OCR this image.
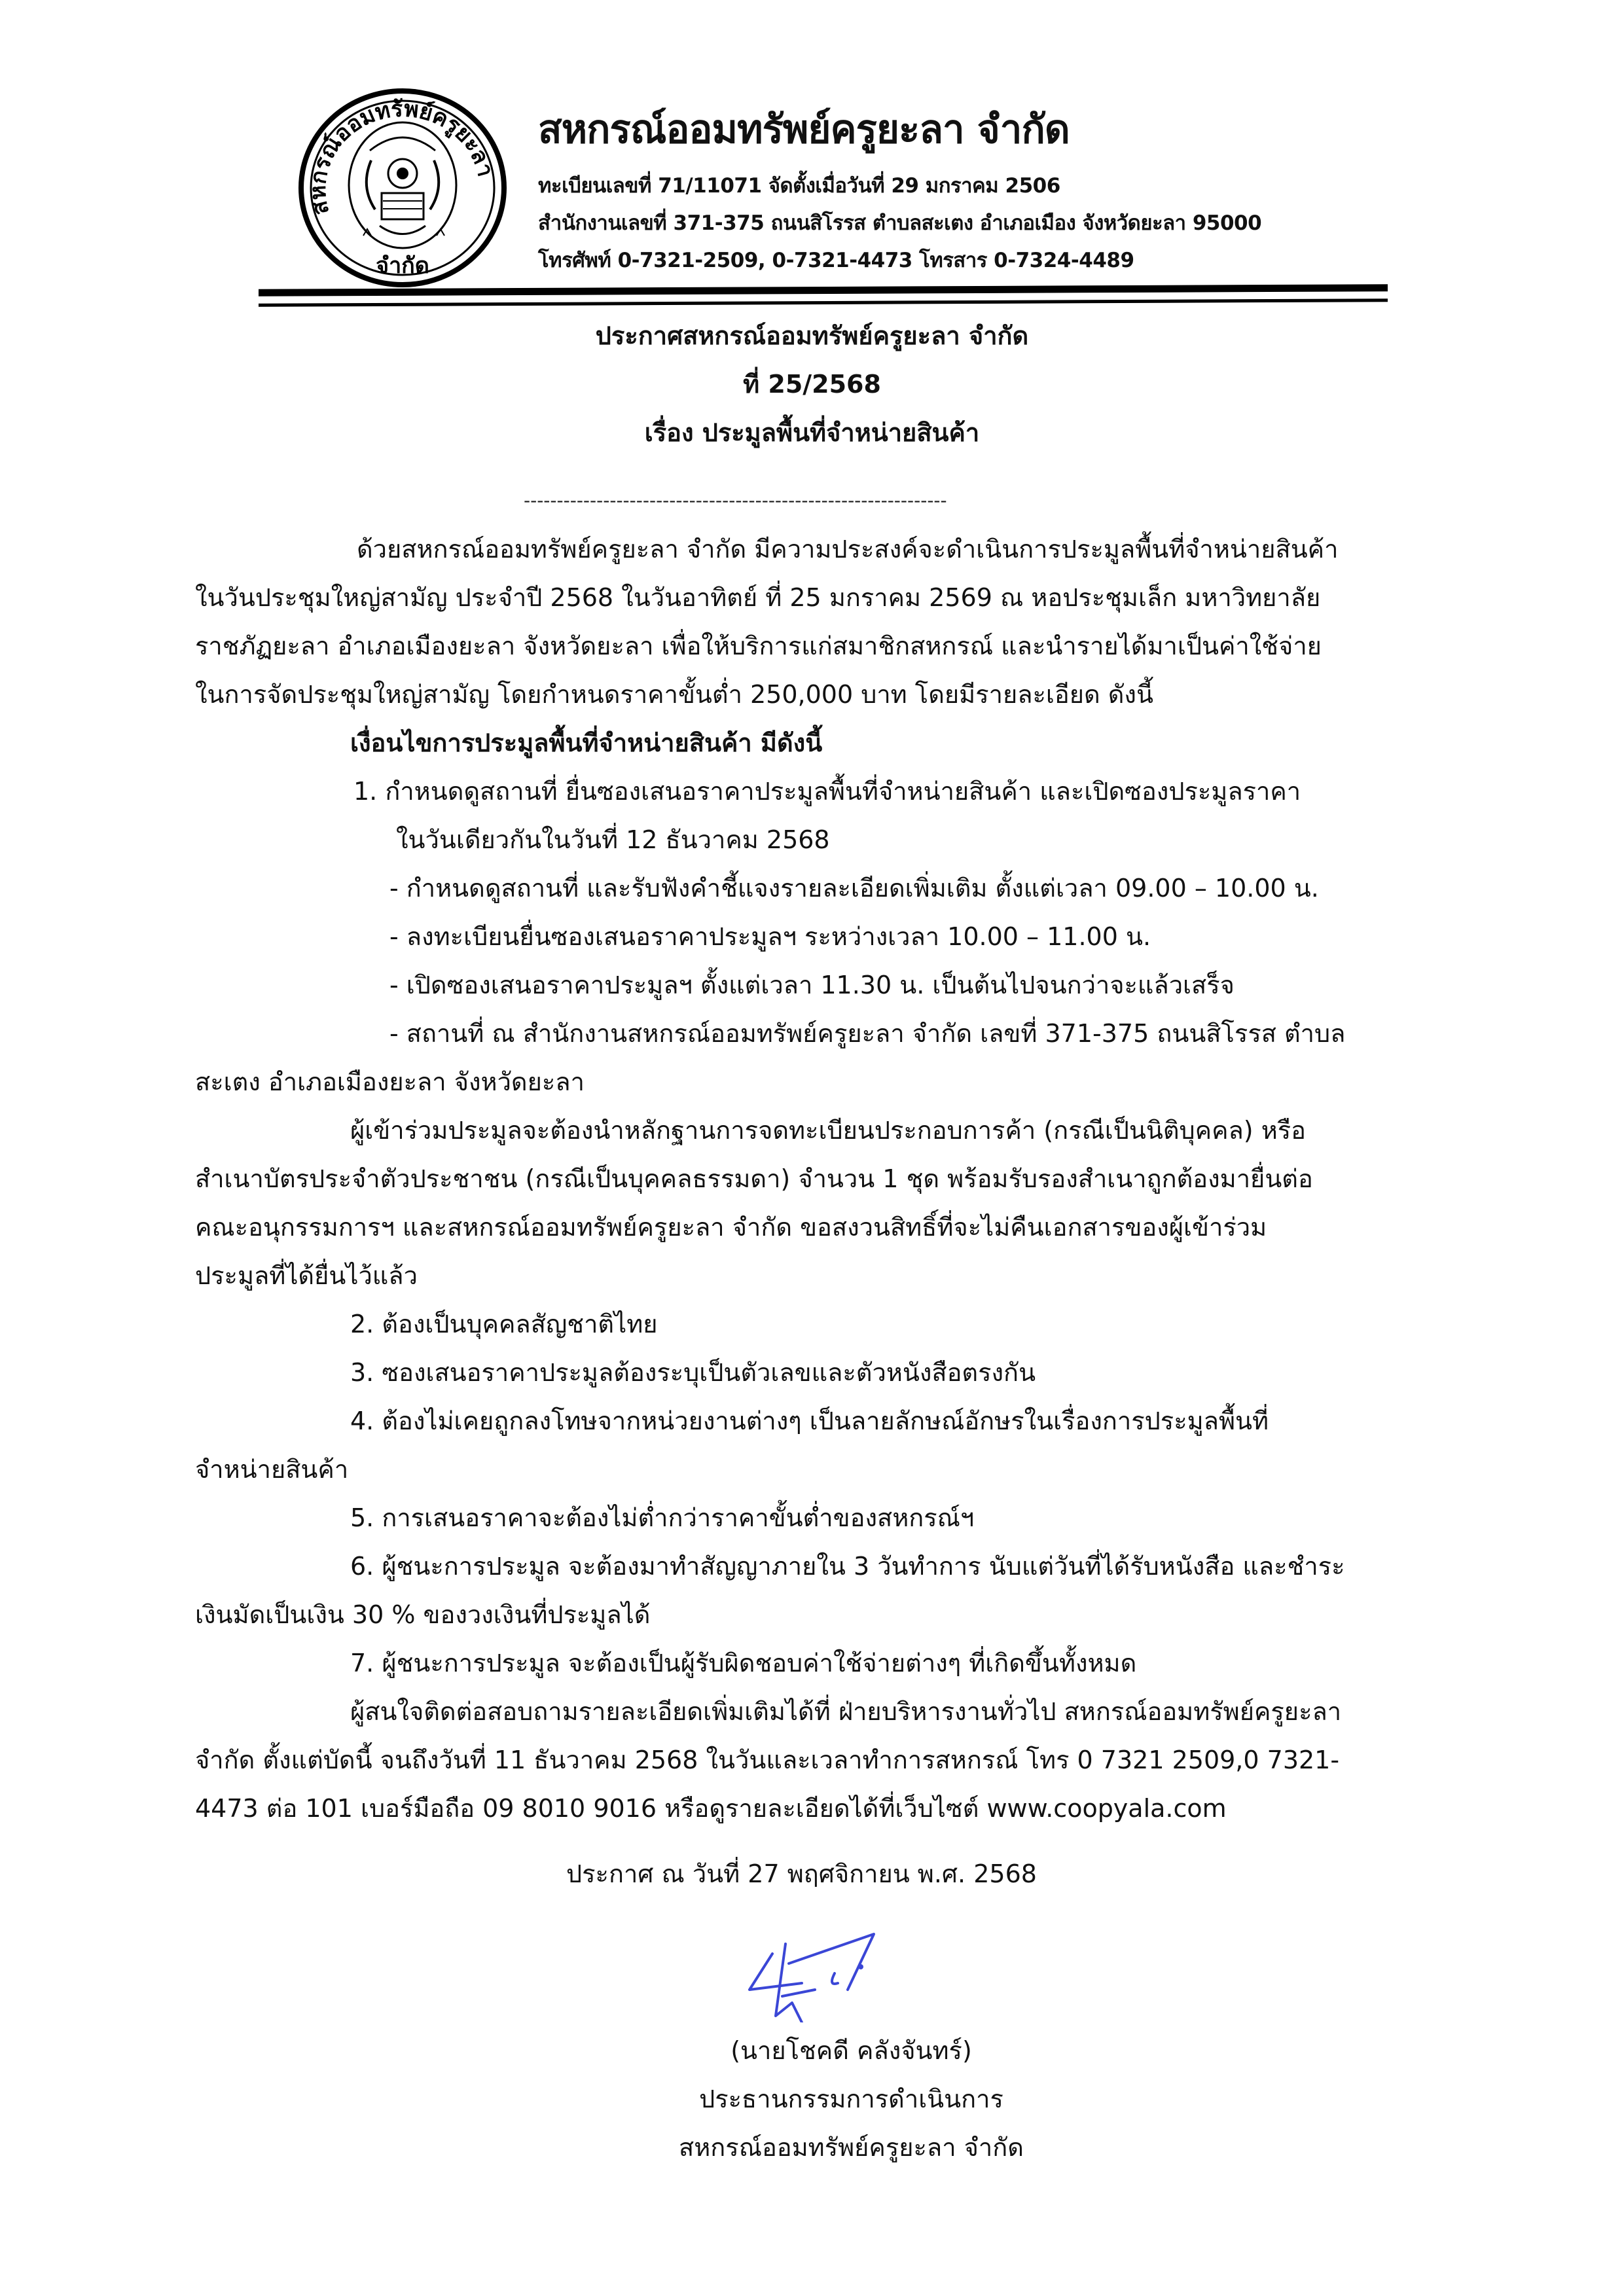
สหกรณ์ออมทรัพย์ครูยะลา
จำกัด
สหกรณ์ออมทรัพย์ครูยะลา จำกัด
ทะเบียนเลขที่ 71/11071 จัดตั้งเมื่อวันที่ 29 มกราคม 2506
สำนักงานเลขที่ 371-375 ถนนสิโรรส ตำบลสะเตง อำเภอเมือง จังหวัดยะลา 95000
โทรศัพท์ 0-7321-2509, 0-7321-4473 โทรสาร 0-7324-4489
ประกาศสหกรณ์ออมทรัพย์ครูยะลา จำกัด
ที่ 25/2568
เรื่อง ประมูลพื้นที่จำหน่ายสินค้า
----------------------------------------------------------------
ด้วยสหกรณ์ออมทรัพย์ครูยะลา จำกัด มีความประสงค์จะดำเนินการประมูลพื้นที่จำหน่ายสินค้า
ในวันประชุมใหญ่สามัญ ประจำปี 2568 ในวันอาทิตย์ ที่ 25 มกราคม 2569 ณ หอประชุมเล็ก มหาวิทยาลัย
ราชภัฏยะลา อำเภอเมืองยะลา จังหวัดยะลา เพื่อให้บริการแก่สมาชิกสหกรณ์ และนำรายได้มาเป็นค่าใช้จ่าย
ในการจัดประชุมใหญ่สามัญ โดยกำหนดราคาขั้นต่ำ 250,000 บาท โดยมีรายละเอียด ดังนี้
เงื่อนไขการประมูลพื้นที่จำหน่ายสินค้า มีดังนี้
1. กำหนดดูสถานที่ ยื่นซองเสนอราคาประมูลพื้นที่จำหน่ายสินค้า และเปิดซองประมูลราคา
ในวันเดียวกันในวันที่ 12 ธันวาคม 2568
- กำหนดดูสถานที่ และรับฟังคำชี้แจงรายละเอียดเพิ่มเติม ตั้งแต่เวลา 09.00 – 10.00 น.
- ลงทะเบียนยื่นซองเสนอราคาประมูลฯ ระหว่างเวลา 10.00 – 11.00 น.
- เปิดซองเสนอราคาประมูลฯ ตั้งแต่เวลา 11.30 น. เป็นต้นไปจนกว่าจะแล้วเสร็จ
- สถานที่ ณ สำนักงานสหกรณ์ออมทรัพย์ครูยะลา จำกัด เลขที่ 371-375 ถนนสิโรรส ตำบล
สะเตง อำเภอเมืองยะลา จังหวัดยะลา
ผู้เข้าร่วมประมูลจะต้องนำหลักฐานการจดทะเบียนประกอบการค้า (กรณีเป็นนิติบุคคล) หรือ
สำเนาบัตรประจำตัวประชาชน (กรณีเป็นบุคคลธรรมดา) จำนวน 1 ชุด พร้อมรับรองสำเนาถูกต้องมายื่นต่อ
คณะอนุกรรมการฯ และสหกรณ์ออมทรัพย์ครูยะลา จำกัด ขอสงวนสิทธิ์ที่จะไม่คืนเอกสารของผู้เข้าร่วม
ประมูลที่ได้ยื่นไว้แล้ว
2. ต้องเป็นบุคคลสัญชาติไทย
3. ซองเสนอราคาประมูลต้องระบุเป็นตัวเลขและตัวหนังสือตรงกัน
4. ต้องไม่เคยถูกลงโทษจากหน่วยงานต่างๆ เป็นลายลักษณ์อักษรในเรื่องการประมูลพื้นที่
จำหน่ายสินค้า
5. การเสนอราคาจะต้องไม่ต่ำกว่าราคาขั้นต่ำของสหกรณ์ฯ
6. ผู้ชนะการประมูล จะต้องมาทำสัญญาภายใน 3 วันทำการ นับแต่วันที่ได้รับหนังสือ และชำระ
เงินมัดเป็นเงิน 30 % ของวงเงินที่ประมูลได้
7. ผู้ชนะการประมูล จะต้องเป็นผู้รับผิดชอบค่าใช้จ่ายต่างๆ ที่เกิดขึ้นทั้งหมด
ผู้สนใจติดต่อสอบถามรายละเอียดเพิ่มเติมได้ที่ ฝ่ายบริหารงานทั่วไป สหกรณ์ออมทรัพย์ครูยะลา
จำกัด ตั้งแต่บัดนี้ จนถึงวันที่ 11 ธันวาคม 2568 ในวันและเวลาทำการสหกรณ์ โทร 0 7321 2509,0 7321-
4473 ต่อ 101 เบอร์มือถือ 09 8010 9016 หรือดูรายละเอียดได้ที่เว็บไซต์ www.coopyala.com
ประกาศ ณ วันที่ 27 พฤศจิกายน พ.ศ. 2568
(นายโชคดี คลังจันทร์)
ประธานกรรมการดำเนินการ
สหกรณ์ออมทรัพย์ครูยะลา จำกัด
